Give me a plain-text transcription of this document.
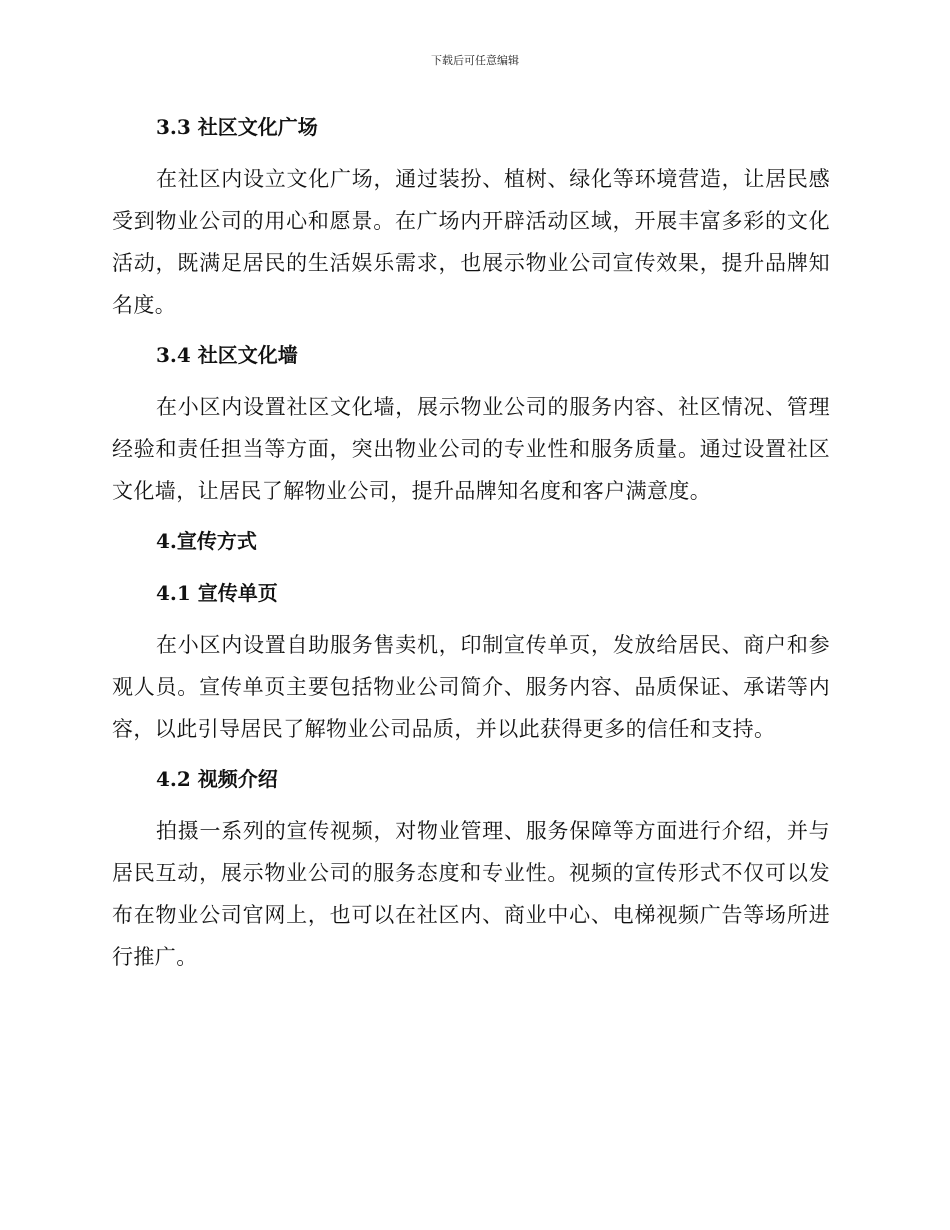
下载后可任意编辑
3.3 社区文化广场

在社区内设立文化广场，通过装扮、植树、绿化等环境营造，让居民感受到物业公司的用心和愿景。在广场内开辟活动区域，开展丰富多彩的文化活动，既满足居民的生活娱乐需求，也展示物业公司宣传效果，提升品牌知名度。

3.4 社区文化墙

在小区内设置社区文化墙，展示物业公司的服务内容、社区情况、管理经验和责任担当等方面，突出物业公司的专业性和服务质量。通过设置社区文化墙，让居民了解物业公司，提升品牌知名度和客户满意度。

4.宣传方式
4.1 宣传单页

在小区内设置自助服务售卖机，印制宣传单页，发放给居民、商户和参观人员。宣传单页主要包括物业公司简介、服务内容、品质保证、承诺等内容，以此引导居民了解物业公司品质，并以此获得更多的信任和支持。

4.2 视频介绍

拍摄一系列的宣传视频，对物业管理、服务保障等方面进行介绍，并与居民互动，展示物业公司的服务态度和专业性。视频的宣传形式不仅可以发布在物业公司官网上，也可以在社区内、商业中心、电梯视频广告等场所进行推广。
